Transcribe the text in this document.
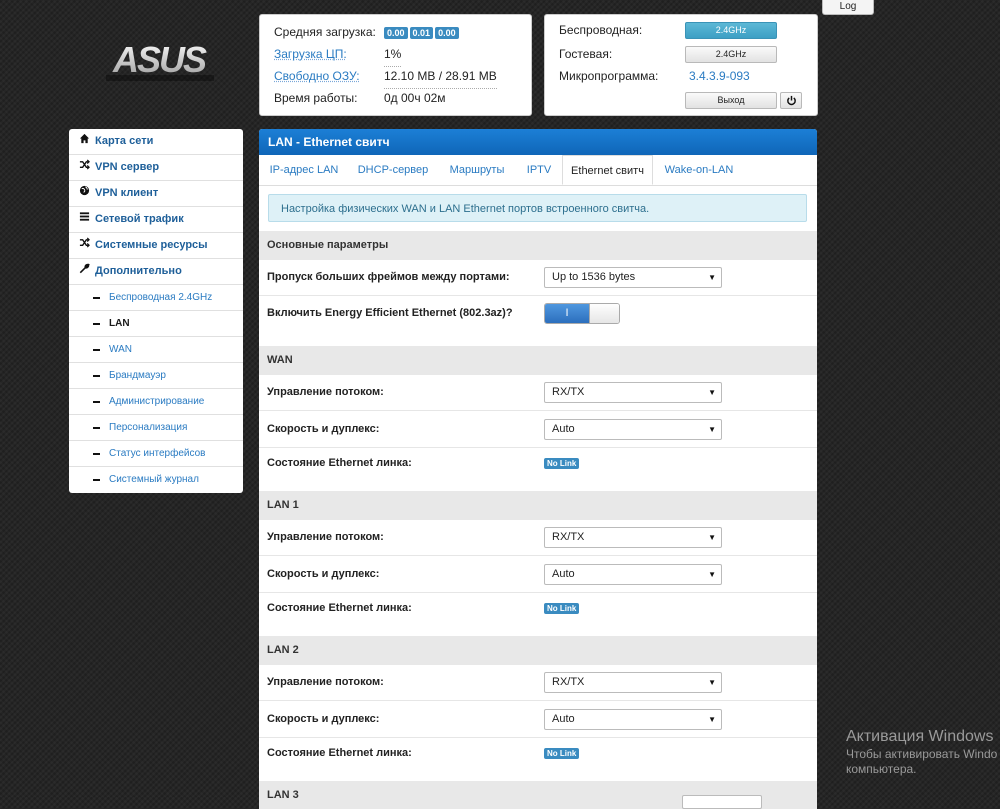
Log
ASUS
Средняя загрузка:	0.00 0.01 0.00
Загрузка ЦП:	1%
Свободно ОЗУ: 12.10 MB / 28.91 MB
Время работы: 0д 00ч 02м
Беспроводная:	2.4GHz
Гостевая:	2.4GHz
Микропрограмма:	3.4.3.9-093
Выход
Карта сети
VPN сервер
VPN клиент
Сетевой трафик
Системные ресурсы
Дополнительно
Беспроводная 2.4GHz
LAN
WAN
Брандмауэр
Администрирование
Персонализация
Статус интерфейсов
Системный журнал
LAN - Ethernet свитч
IP-адрес LAN	DHCP-сервер	Маршруты	IPTV	Ethernet свитч	Wake-on-LAN
Настройка физических WAN и LAN Ethernet портов встроенного свитча.
Основные параметры
Пропуск больших фреймов между портами:	Up to 1536 bytes	▼
Включить Energy Efficient Ethernet (802.3az)?	I
WAN
Управление потоком:	RX/TX	▼
Скорость и дуплекс:	Auto	▼
Состояние Ethernet линка:	No Link
LAN 1
Управление потоком:	RX/TX	▼
Скорость и дуплекс:	Auto	▼
Состояние Ethernet линка:	No Link
LAN 2
Управление потоком:	RX/TX	▼
Скорость и дуплекс:	Auto	▼
Состояние Ethernet линка:	No Link
LAN 3
Активация Windows
Чтобы активировать Windo
компьютера.
